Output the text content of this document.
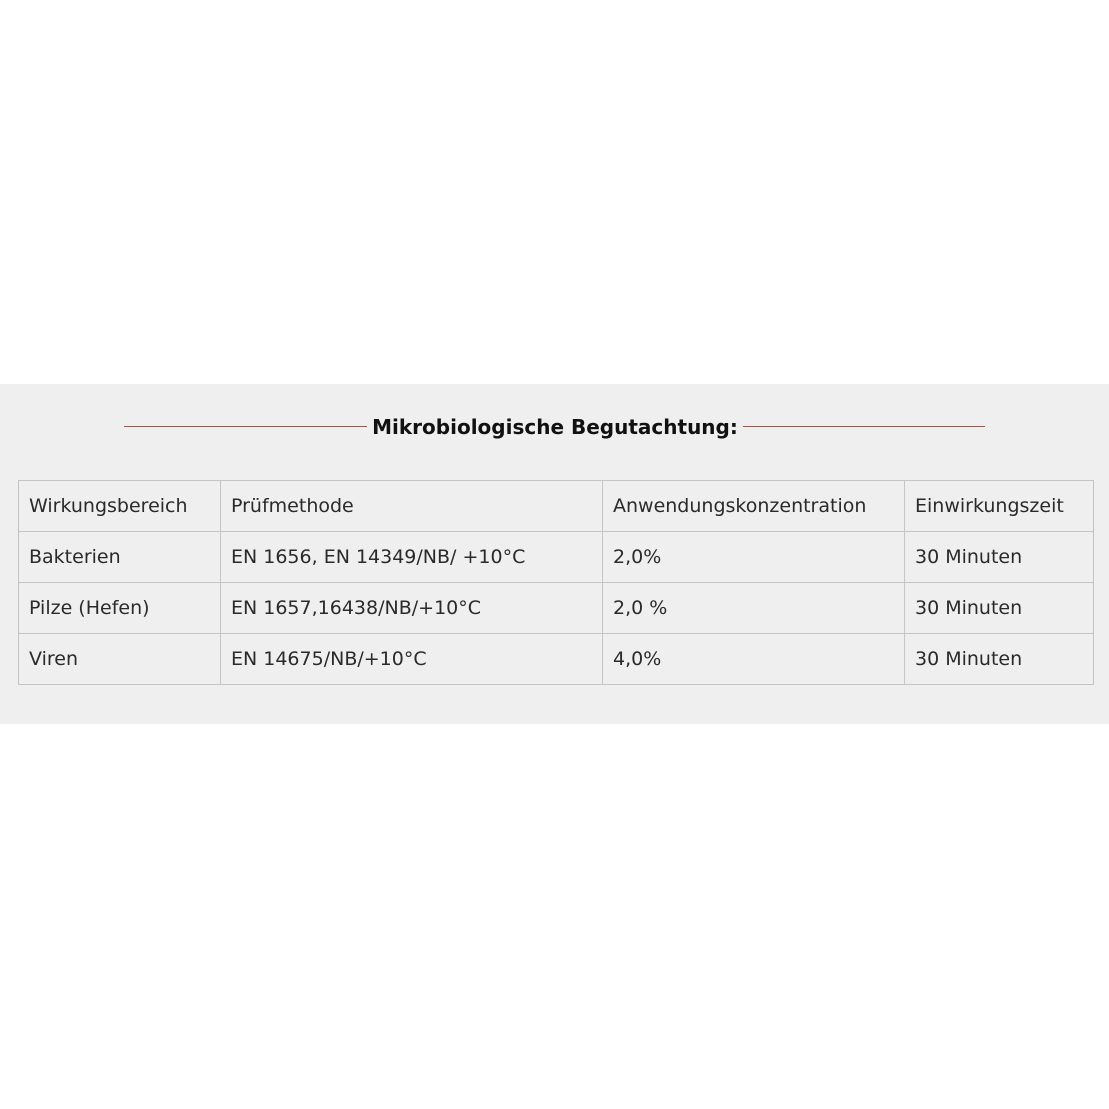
Mikrobiologische Begutachtung:
Wirkungsbereich	Prüfmethode	Anwendungskonzentration	Einwirkungszeit
Bakterien	EN 1656, EN 14349/NB/ +10°C	2,0%	30 Minuten
Pilze (Hefen)	EN 1657,16438/NB/+10°C	2,0 %	30 Minuten
Viren	EN 14675/NB/+10°C	4,0%	30 Minuten
